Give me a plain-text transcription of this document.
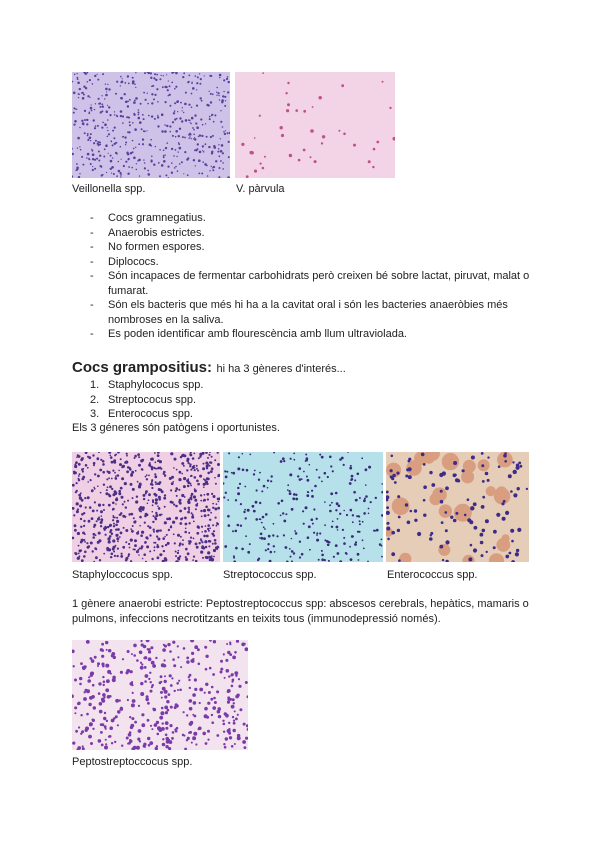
Veillonella spp.	V. pàrvula
- Cocs gramnegatius.
- Anaerobis estrictes.
- No formen espores.
- Diplococs.
- Són incapaces de fermentar carbohidrats però creixen bé sobre lactat, piruvat, malat o fumarat.
- Són els bacteris que més hi ha a la cavitat oral i són les bacteries anaeròbies més nombroses en la saliva.
- Es poden identificar amb flourescència amb llum ultraviolada.
Cocs grampositius: hi ha 3 gèneres d'interés...
1. Staphylococus spp.
2. Streptococus spp.
3. Enterococus spp.
Els 3 géneres són patògens i oportunistes.
Staphyloccocus spp.	Streptococcus spp.	Enterococcus spp.
1 gènere anaerobi estricte: Peptostreptococcus spp: abscesos cerebrals, hepàtics, mamaris o pulmons, infeccions necrotitzants en teixits tous (immunodepressió només).
Peptostreptoccocus spp.
